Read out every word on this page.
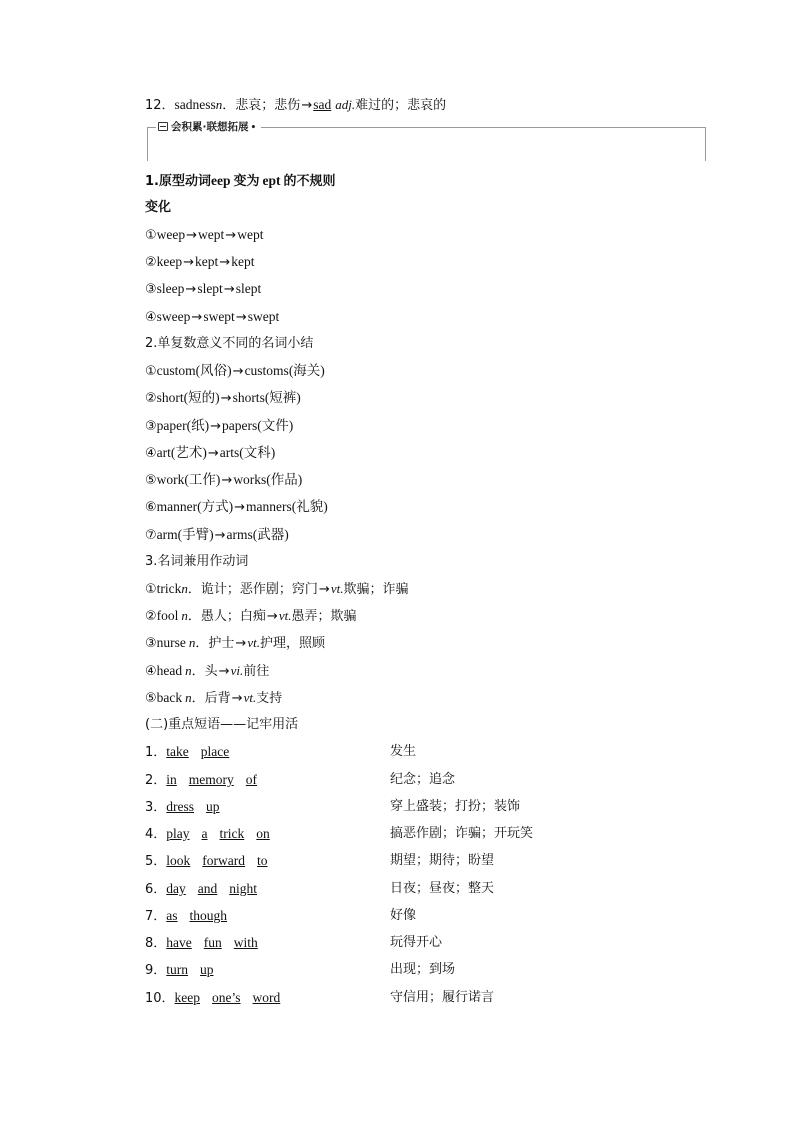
12．sadnessn．悲哀；悲伤→sad adj.难过的；悲哀的
会积累·联想拓展 •
1.原型动词eep 变为 ept 的不规则
变化
①weep→wept→wept
②keep→kept→kept
③sleep→slept→slept
④sweep→swept→swept
2.单复数意义不同的名词小结
①custom(风俗)→customs(海关)
②short(短的)→shorts(短裤)
③paper(纸)→papers(文件)
④art(艺术)→arts(文科)
⑤work(工作)→works(作品)
⑥manner(方式)→manners(礼貌)
⑦arm(手臂)→arms(武器)
3.名词兼用作动词
①trickn．诡计；恶作剧；窍门→vt.欺骗；诈骗
②fool n．愚人；白痴→vt.愚弄；欺骗
③nurse n．护士→vt.护理，照顾
④head n．头→vi.前往
⑤back n．后背→vt.支持
(二)重点短语——记牢用活
1．take place	发生
2．in memory of	纪念；追念
3．dress up	穿上盛装；打扮；装饰
4．play a trick on	搞恶作剧；诈骗；开玩笑
5．look forward to	期望；期待；盼望
6．day and night	日夜；昼夜；整天
7．as though	好像
8．have fun with	玩得开心
9．turn up	出现；到场
10．keep one’s word	守信用；履行诺言
